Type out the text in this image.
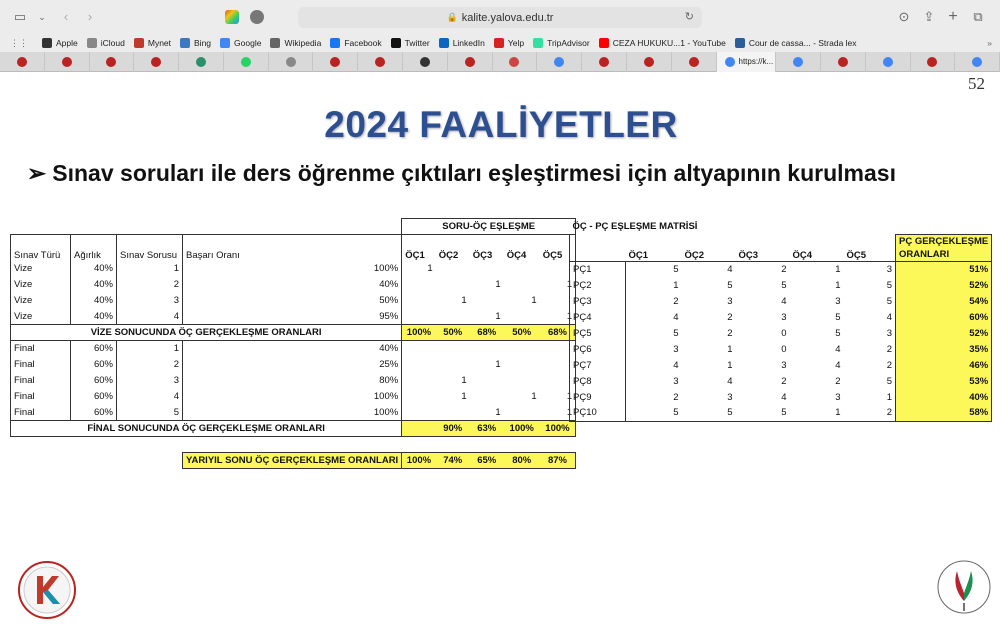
▭	⌄	‹	›	🔒 kalite.yalova.edu.tr	↻	⊙ ⇪ + ⧉
⋮⋮	Apple	iCloud	Mynet	Bing	Google	Wikipedia	Facebook	Twitter	LinkedIn	Yelp	TripAdvisor	CEZA HUKUKU...1 - YouTube	Cour de cassa... - Strada lex	»
https://k...
52
2024 FAALİYETLER
➢ Sınav soruları ile ders öğrenme çıktıları eşleştirmesi için altyapının kurulması
				SORU-ÖÇ EŞLEŞME				
Sınav Türü	Ağırlık	Sınav Sorusu	Başarı Oranı	ÖÇ1	ÖÇ2	ÖÇ3	ÖÇ4	ÖÇ5
Vize	40%	1	100%	1				
Vize	40%	2	40%			1		1
Vize	40%	3	50%		1		1	
Vize	40%	4	95%			1		1
VİZE SONUCUNDA ÖÇ GERÇEKLEŞME ORANLARI				100%	50%	68%	50%	68%
Final	60%	1	40%					
Final	60%	2	25%			1		
Final	60%	3	80%		1			
Final	60%	4	100%		1		1	1
Final	60%	5	100%			1		1
FİNAL SONUCUNDA ÖÇ GERÇEKLEŞME ORANLARI					90%	63%	100%	100%

			YARIYIL SONU ÖÇ GERÇEKLEŞME ORANLARI	100%	74%	65%	80%	87%
ÖÇ - PÇ EŞLEŞME MATRİSİ						
	ÖÇ1	ÖÇ2	ÖÇ3	ÖÇ4	ÖÇ5	PÇ GERÇEKLEŞME
ORANLARI

PÇ1	5	4	2	1	3	51%
PÇ2	1	5	5	1	5	52%
PÇ3	2	3	4	3	5	54%
PÇ4	4	2	3	5	4	60%
PÇ5	5	2	0	5	3	52%
PÇ6	3	1	0	4	2	35%
PÇ7	4	1	3	4	2	46%
PÇ8	3	4	2	2	5	53%
PÇ9	2	3	4	3	1	40%
PÇ10	5	5	5	1	2	58%
